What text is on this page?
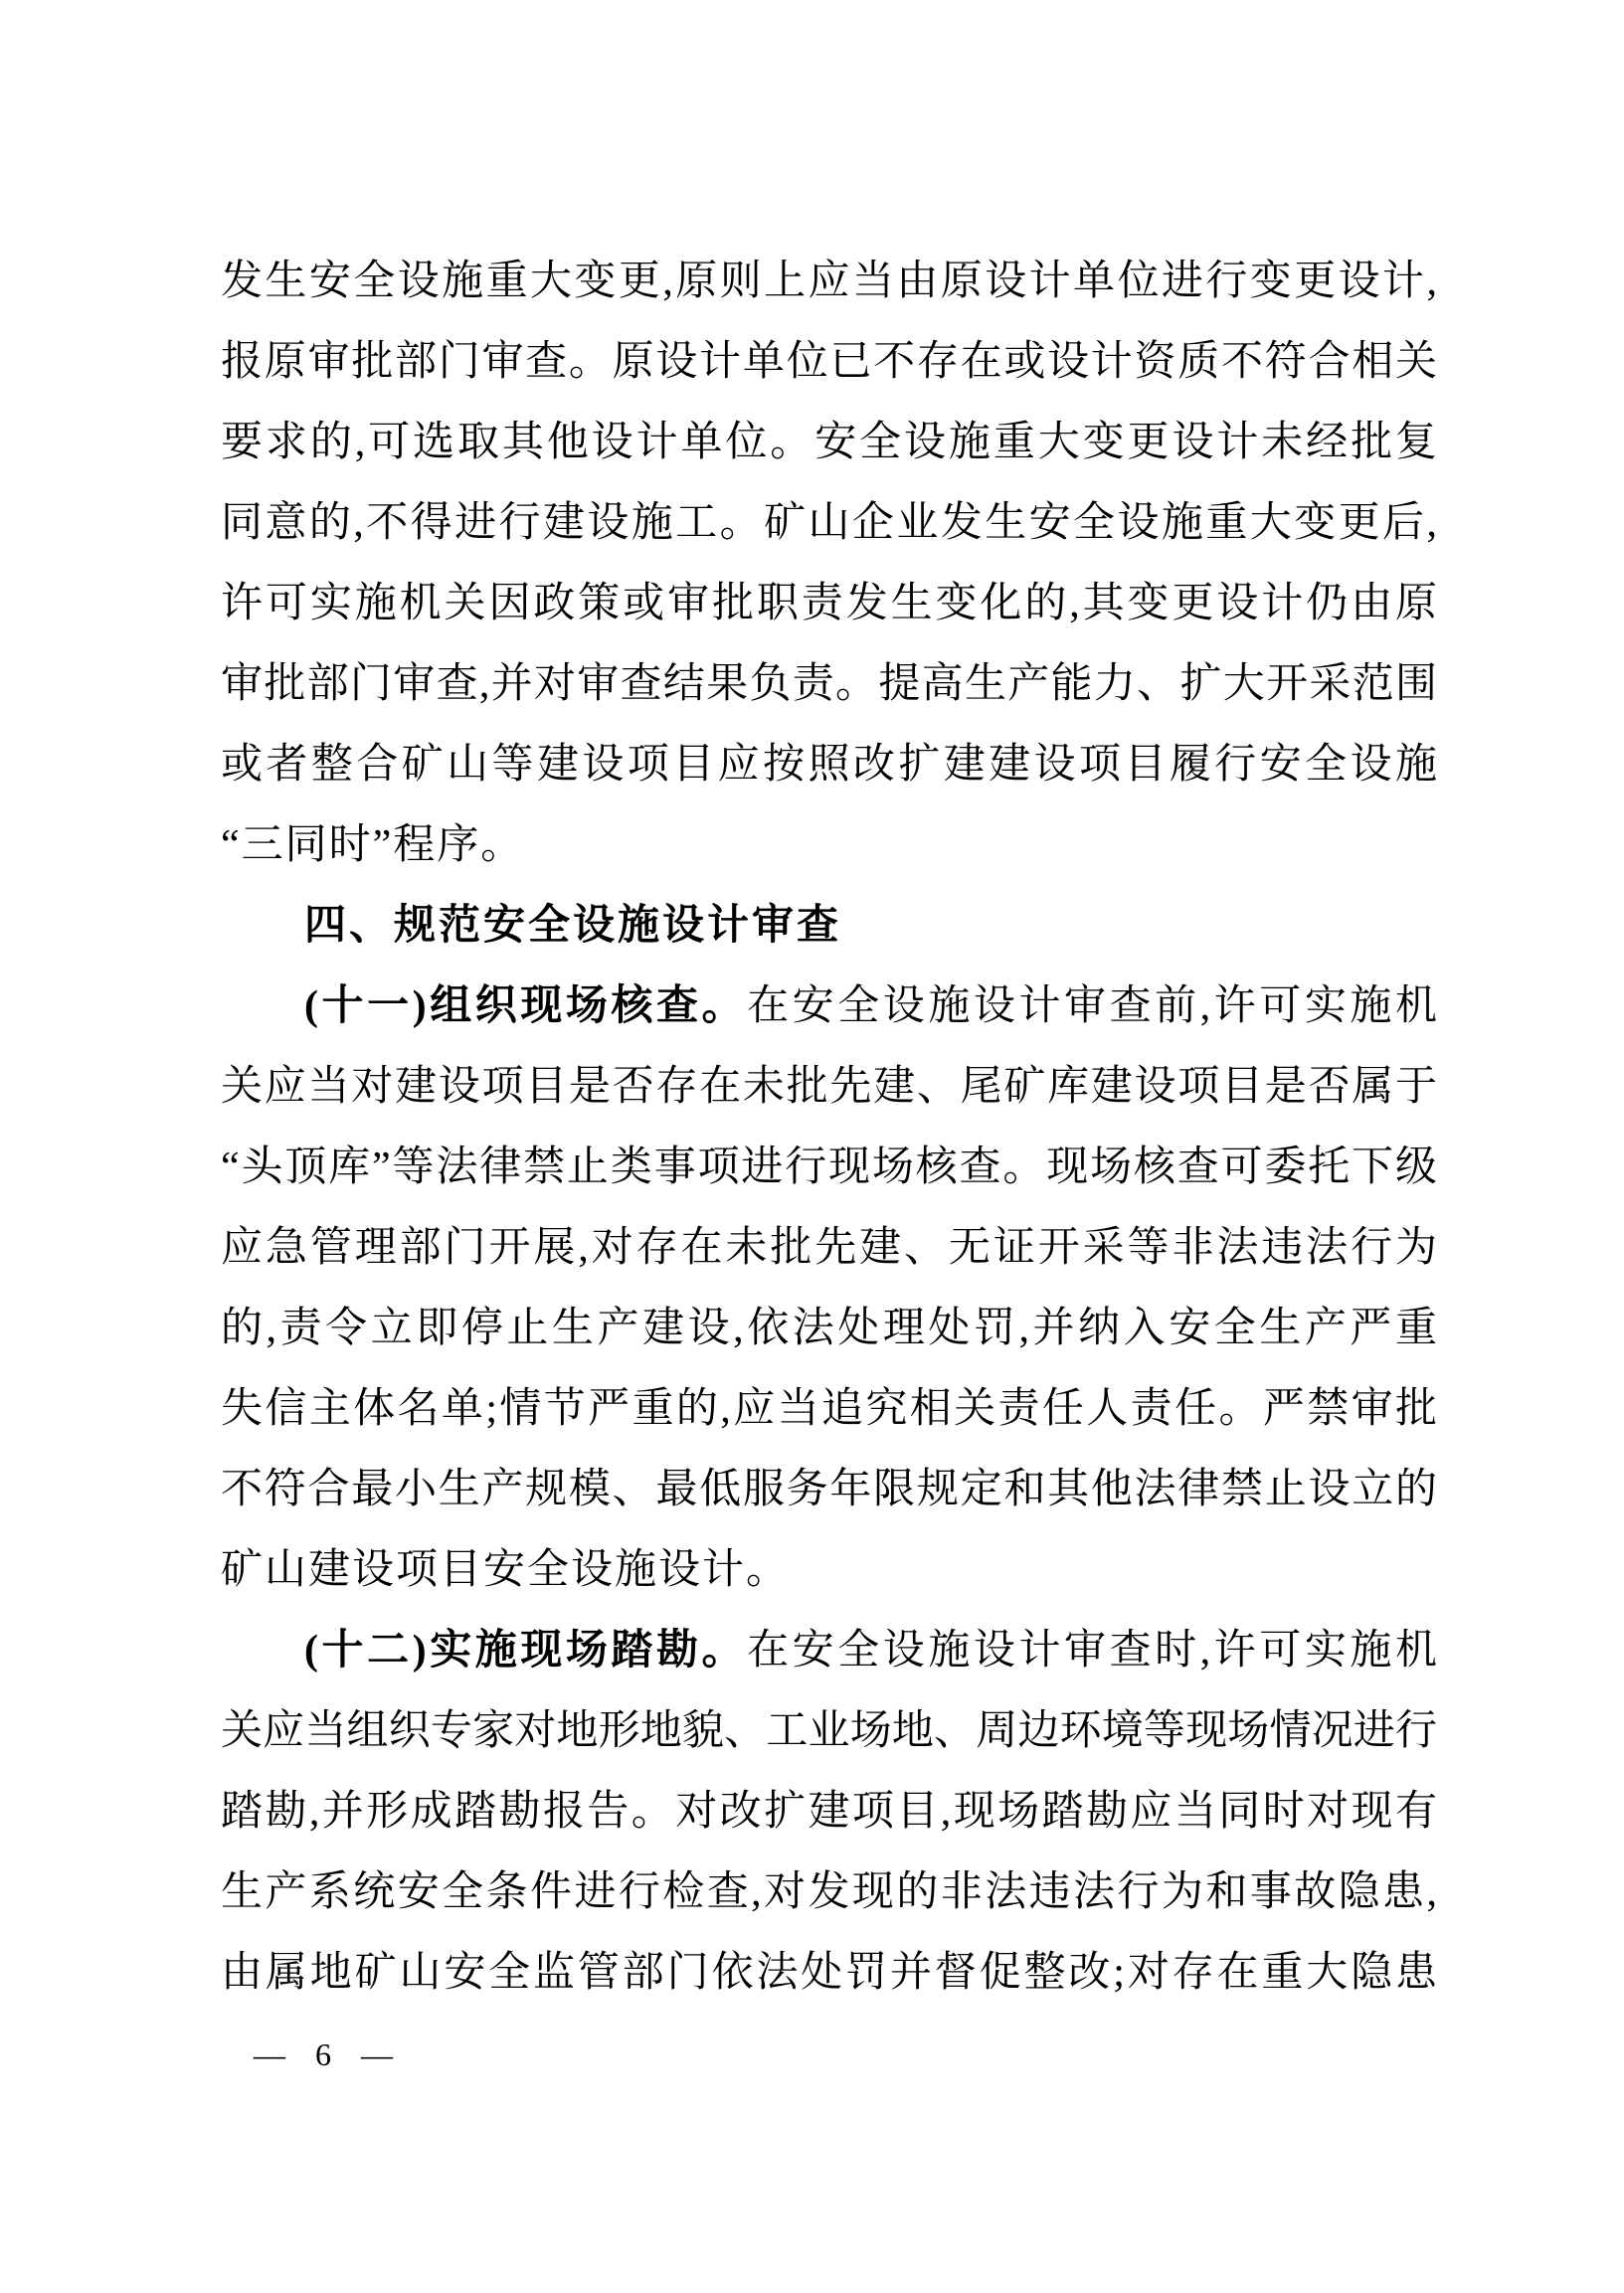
发生安全设施重大变更,原则上应当由原设计单位进行变更设计,
报原审批部门审查。原设计单位已不存在或设计资质不符合相关
要求的,可选取其他设计单位。安全设施重大变更设计未经批复
同意的,不得进行建设施工。矿山企业发生安全设施重大变更后,
许可实施机关因政策或审批职责发生变化的,其变更设计仍由原
审批部门审查,并对审查结果负责。提高生产能力、扩大开采范围
或者整合矿山等建设项目应按照改扩建建设项目履行安全设施
“三同时”程序。
四、规范安全设施设计审查
(十一)组织现场核查。在安全设施设计审查前,许可实施机
关应当对建设项目是否存在未批先建、尾矿库建设项目是否属于
“头顶库”等法律禁止类事项进行现场核查。现场核查可委托下级
应急管理部门开展,对存在未批先建、无证开采等非法违法行为
的,责令立即停止生产建设,依法处理处罚,并纳入安全生产严重
失信主体名单;情节严重的,应当追究相关责任人责任。严禁审批
不符合最小生产规模、最低服务年限规定和其他法律禁止设立的
矿山建设项目安全设施设计。
(十二)实施现场踏勘。在安全设施设计审查时,许可实施机
关应当组织专家对地形地貌、工业场地、周边环境等现场情况进行
踏勘,并形成踏勘报告。对改扩建项目,现场踏勘应当同时对现有
生产系统安全条件进行检查,对发现的非法违法行为和事故隐患,
由属地矿山安全监管部门依法处罚并督促整改;对存在重大隐患
— 6 —
